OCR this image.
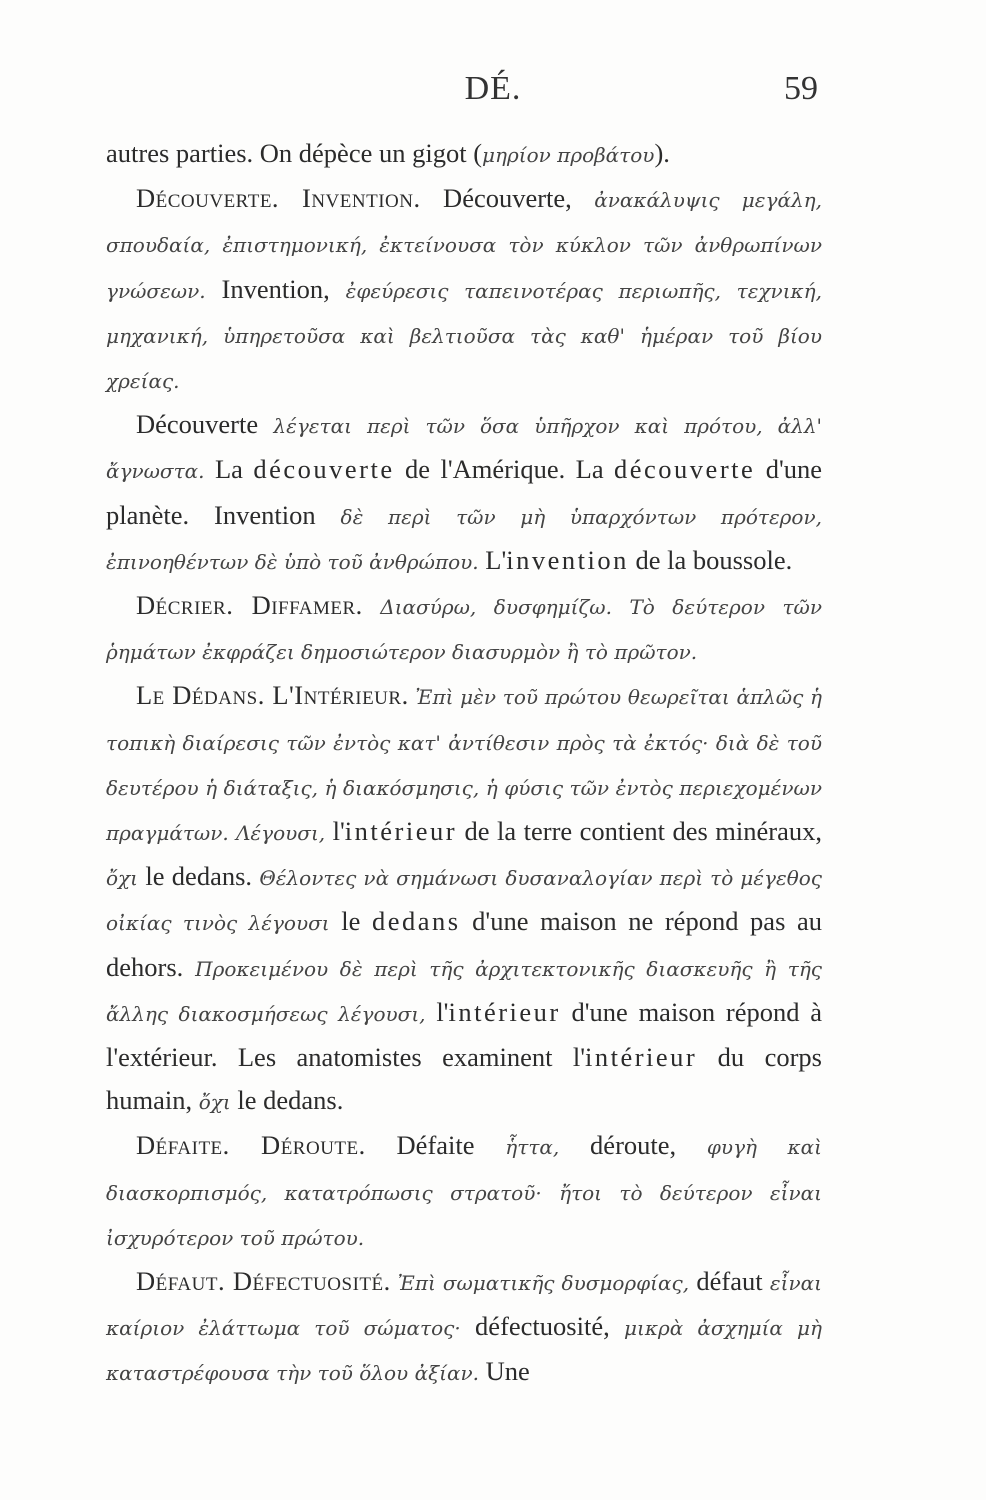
DÉ.	59

autres parties. On dépèce un gigot (μηρίον προβάτου).

Découverte. Invention. Découverte, ἀνακάλυψις μεγάλη, σπουδαία, ἐπιστημονική, ἐκτείνουσα τὸν κύκλον τῶν ἀνθρωπίνων γνώσεων. Invention, ἐφεύρεσις ταπεινοτέρας περιωπῆς, τεχνική, μηχανική, ὑπηρετοῦσα καὶ βελτιοῦσα τὰς καθ' ἡμέραν τοῦ βίου χρείας.

Découverte λέγεται περὶ τῶν ὅσα ὑπῆρχον καὶ πρότου, ἀλλ' ἄγνωστα. La découverte de l'Amérique. La découverte d'une planète. Invention δὲ περὶ τῶν μὴ ὑπαρχόντων πρότερον, ἐπινοηθέντων δὲ ὑπὸ τοῦ ἀνθρώπου. L'invention de la boussole.

Décrier. Diffamer. Διασύρω, δυσφημίζω. Τὸ δεύτερον τῶν ῥημάτων ἐκφράζει δημοσιώτερον διασυρμὸν ἢ τὸ πρῶτον.

Le Dédans. L'Intérieur. Ἐπὶ μὲν τοῦ πρώτου θεωρεῖται ἁπλῶς ἡ τοπικὴ διαίρεσις τῶν ἐντὸς κατ' ἀντίθεσιν πρὸς τὰ ἐκτός· διὰ δὲ τοῦ δευτέρου ἡ διάταξις, ἡ διακόσμησις, ἡ φύσις τῶν ἐντὸς περιεχομένων πραγμάτων. Λέγουσι, l'intérieur de la terre contient des minéraux, ὄχι le dedans. Θέλοντες νὰ σημάνωσι δυσαναλογίαν περὶ τὸ μέγεθος οἰκίας τινὸς λέγουσι le dedans d'une maison ne répond pas au dehors. Προκειμένου δὲ περὶ τῆς ἀρχιτεκτονικῆς διασκευῆς ἢ τῆς ἄλλης διακοσμήσεως λέγουσι, l'intérieur d'une maison répond à l'extérieur. Les anatomistes examinent l'intérieur du corps humain, ὄχι le dedans.

Défaite. Déroute. Défaite ἧττα, déroute, φυγὴ καὶ διασκορπισμός, κατατρόπωσις στρατοῦ· ἤτοι τὸ δεύτερον εἶναι ἰσχυρότερον τοῦ πρώτου.

Défaut. Défectuosité. Ἐπὶ σωματικῆς δυσμορφίας, défaut εἶναι καίριον ἐλάττωμα τοῦ σώματος· défectuosité, μικρὰ ἀσχημία μὴ καταστρέφουσα τὴν τοῦ ὅλου ἀξίαν. Une
